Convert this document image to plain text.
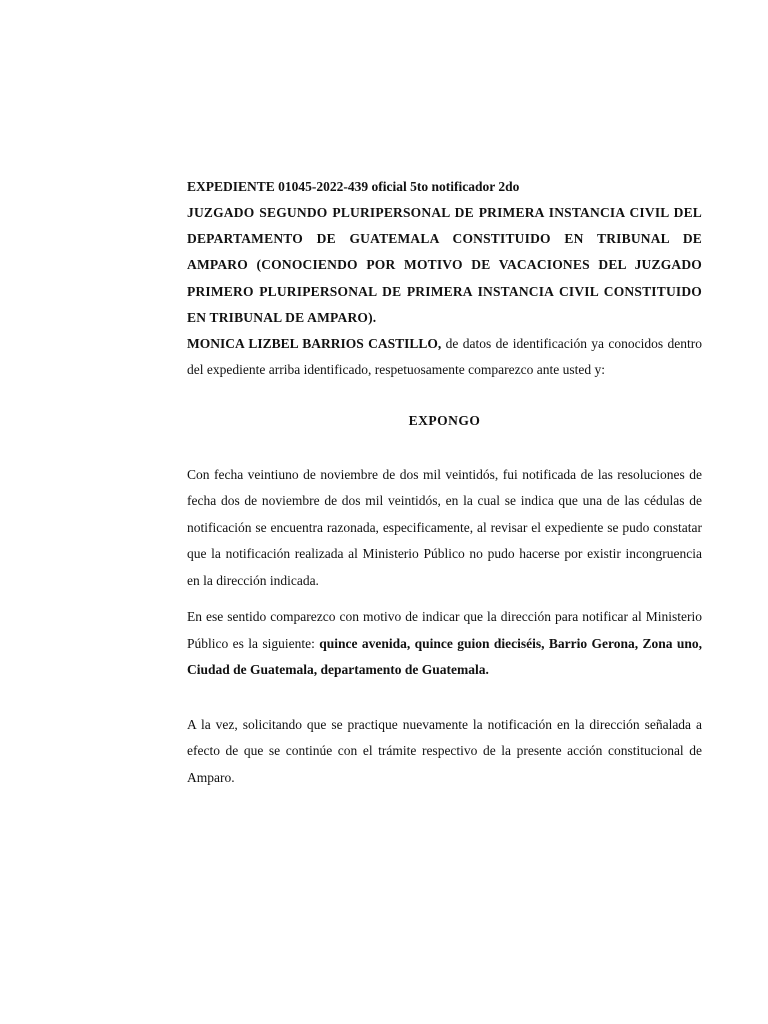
EXPEDIENTE 01045-2022-439 oficial 5to notificador 2do

JUZGADO SEGUNDO PLURIPERSONAL DE PRIMERA INSTANCIA CIVIL DEL DEPARTAMENTO DE GUATEMALA CONSTITUIDO EN TRIBUNAL DE AMPARO (CONOCIENDO POR MOTIVO DE VACACIONES DEL JUZGADO PRIMERO PLURIPERSONAL DE PRIMERA INSTANCIA CIVIL CONSTITUIDO EN TRIBUNAL DE AMPARO).

MONICA LIZBEL BARRIOS CASTILLO, de datos de identificación ya conocidos dentro del expediente arriba identificado, respetuosamente comparezco ante usted y:

EXPONGO

Con fecha veintiuno de noviembre de dos mil veintidós, fui notificada de las resoluciones de fecha dos de noviembre de dos mil veintidós, en la cual se indica que una de las cédulas de notificación se encuentra razonada, especificamente, al revisar el expediente se pudo constatar que la notificación realizada al Ministerio Público no pudo hacerse por existir incongruencia en la dirección indicada.

En ese sentido comparezco con motivo de indicar que la dirección para notificar al Ministerio Público es la siguiente: quince avenida, quince guion dieciséis, Barrio Gerona, Zona uno, Ciudad de Guatemala, departamento de Guatemala.

A la vez, solicitando que se practique nuevamente la notificación en la dirección señalada a efecto de que se continúe con el trámite respectivo de la presente acción constitucional de Amparo.
